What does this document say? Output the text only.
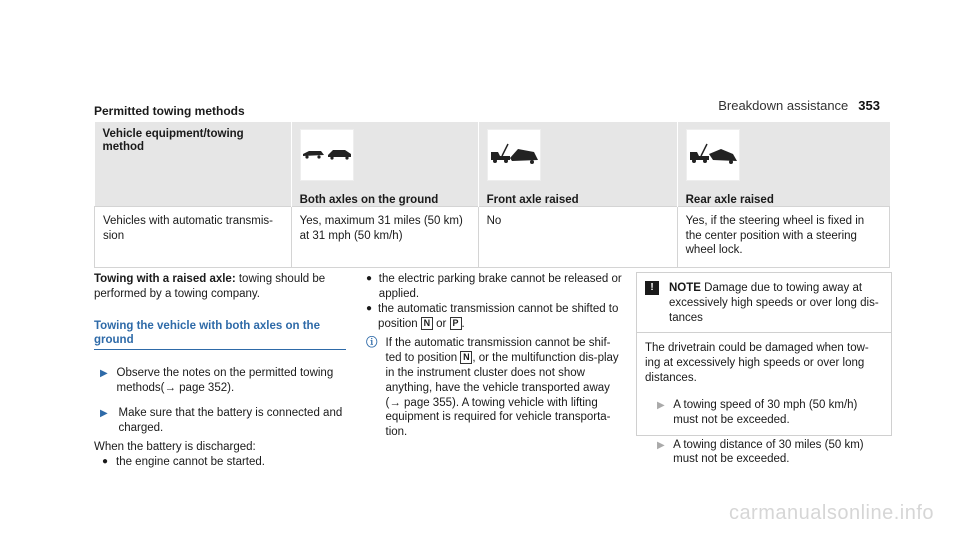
Breakdown assistance 353
Permitted towing methods
Vehicle equipment/towing method	Both axles on the ground	Front axle raised	Rear axle raised

Vehicles with automatic transmis-sion	Yes, maximum 31 miles (50 km) at 31 mph (50 km/h)	No	Yes, if the steering wheel is fixed in the center position with a steering wheel lock.
Towing with a raised axle: towing should be performed by a towing company.
Towing the vehicle with both axles on the ground
▶ Observe the notes on the permitted towing methods(→ page 352).
▶ Make sure that the battery is connected and charged.
When the battery is discharged:
● the engine cannot be started.
● the electric parking brake cannot be released or applied.
● the automatic transmission cannot be shifted to position N or P .
ⓘ If the automatic transmission cannot be shif-ted to position N , or the multifunction dis-play in the instrument cluster does not show anything, have the vehicle transported away (→ page 355). A towing vehicle with lifting equipment is required for vehicle transporta-tion.
!	NOTE Damage due to towing away at excessively high speeds or over long dis-tances
The drivetrain could be damaged when tow-ing at excessively high speeds or over long distances.
▶ A towing speed of 30 mph (50 km/h) must not be exceeded.
▶ A towing distance of 30 miles (50 km) must not be exceeded.
carmanualsonline.info
